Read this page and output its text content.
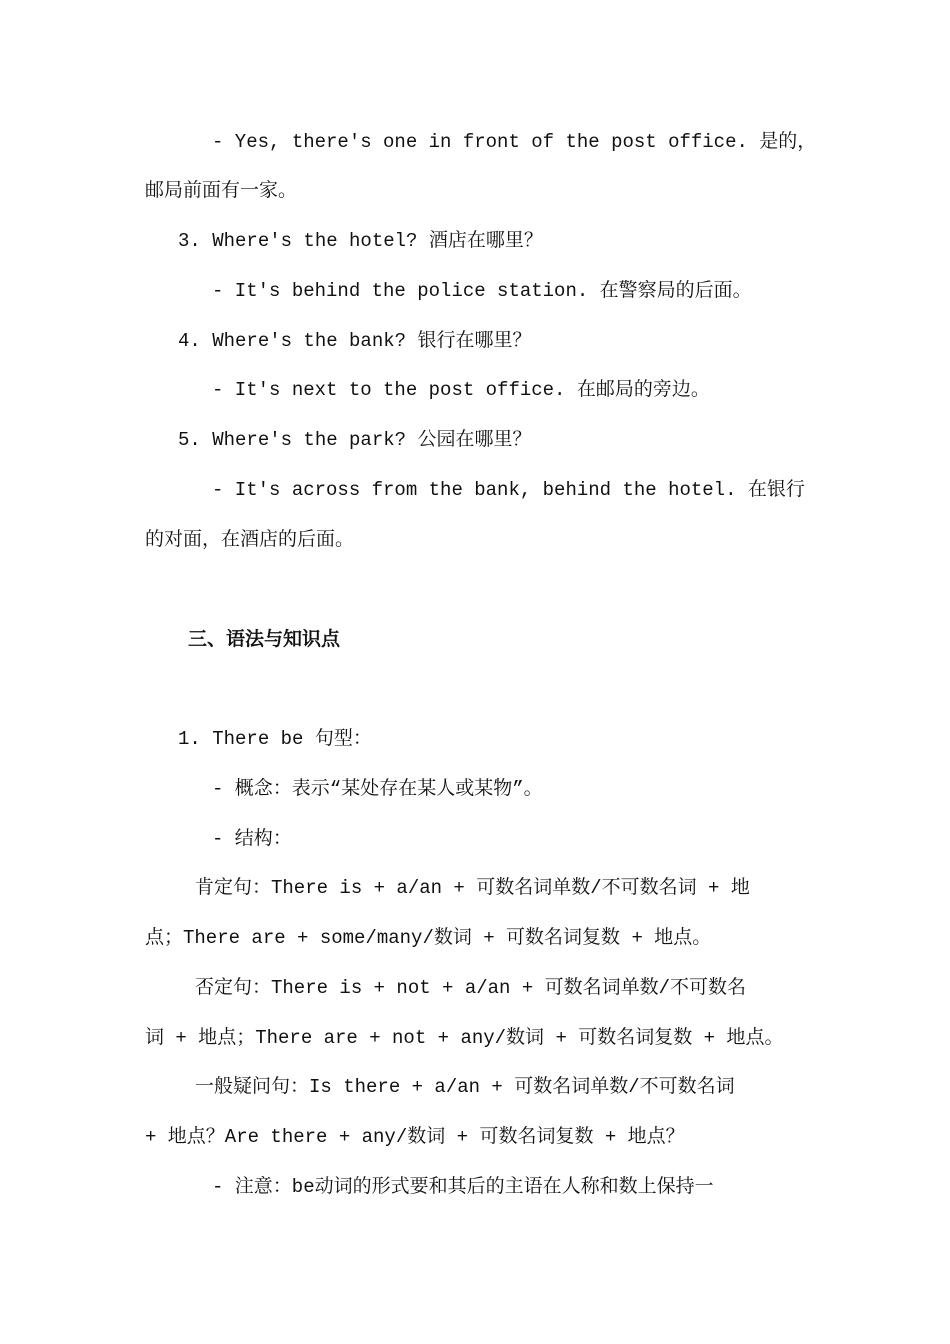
- Yes, there's one in front of the post office. 是的，
邮局前面有一家。
3. Where's the hotel? 酒店在哪里？
- It's behind the police station. 在警察局的后面。
4. Where's the bank? 银行在哪里？
- It's next to the post office. 在邮局的旁边。
5. Where's the park? 公园在哪里？
- It's across from the bank, behind the hotel. 在银行
的对面，在酒店的后面。
三、语法与知识点
1. There be 句型：
- 概念：表示“某处存在某人或某物”。
- 结构：
肯定句：There is + a/an + 可数名词单数/不可数名词 + 地
点；There are + some/many/数词 + 可数名词复数 + 地点。
否定句：There is + not + a/an + 可数名词单数/不可数名
词 + 地点；There are + not + any/数词 + 可数名词复数 + 地点。
一般疑问句：Is there + a/an + 可数名词单数/不可数名词
+ 地点？Are there + any/数词 + 可数名词复数 + 地点？
- 注意：be动词的形式要和其后的主语在人称和数上保持一
